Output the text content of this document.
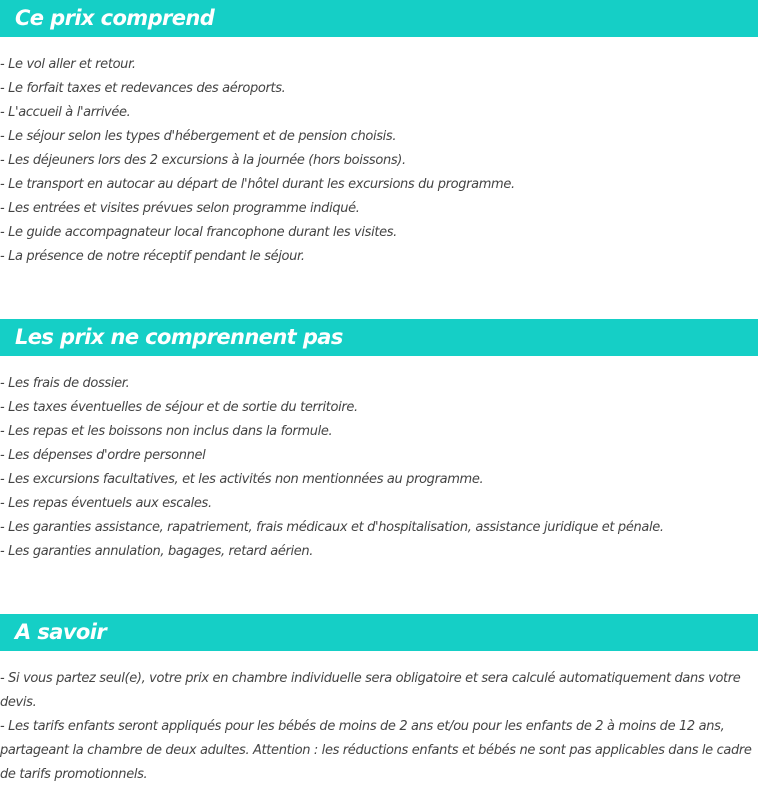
Ce prix comprend
- Le vol aller et retour.
- Le forfait taxes et redevances des aéroports.
- L'accueil à l'arrivée.
- Le séjour selon les types d'hébergement et de pension choisis.
- Les déjeuners lors des 2 excursions à la journée (hors boissons).
- Le transport en autocar au départ de l'hôtel durant les excursions du programme.
- Les entrées et visites prévues selon programme indiqué.
- Le guide accompagnateur local francophone durant les visites.
- La présence de notre réceptif pendant le séjour.
Les prix ne comprennent pas
- Les frais de dossier.
- Les taxes éventuelles de séjour et de sortie du territoire.
- Les repas et les boissons non inclus dans la formule.
- Les dépenses d'ordre personnel
- Les excursions facultatives, et les activités non mentionnées au programme.
- Les repas éventuels aux escales.
- Les garanties assistance, rapatriement, frais médicaux et d'hospitalisation, assistance juridique et pénale.
- Les garanties annulation, bagages, retard aérien.
A savoir
- Si vous partez seul(e), votre prix en chambre individuelle sera obligatoire et sera calculé automatiquement dans votre devis.
- Les tarifs enfants seront appliqués pour les bébés de moins de 2 ans et/ou pour les enfants de 2 à moins de 12 ans, partageant la chambre de deux adultes. Attention : les réductions enfants et bébés ne sont pas applicables dans le cadre de tarifs promotionnels.
